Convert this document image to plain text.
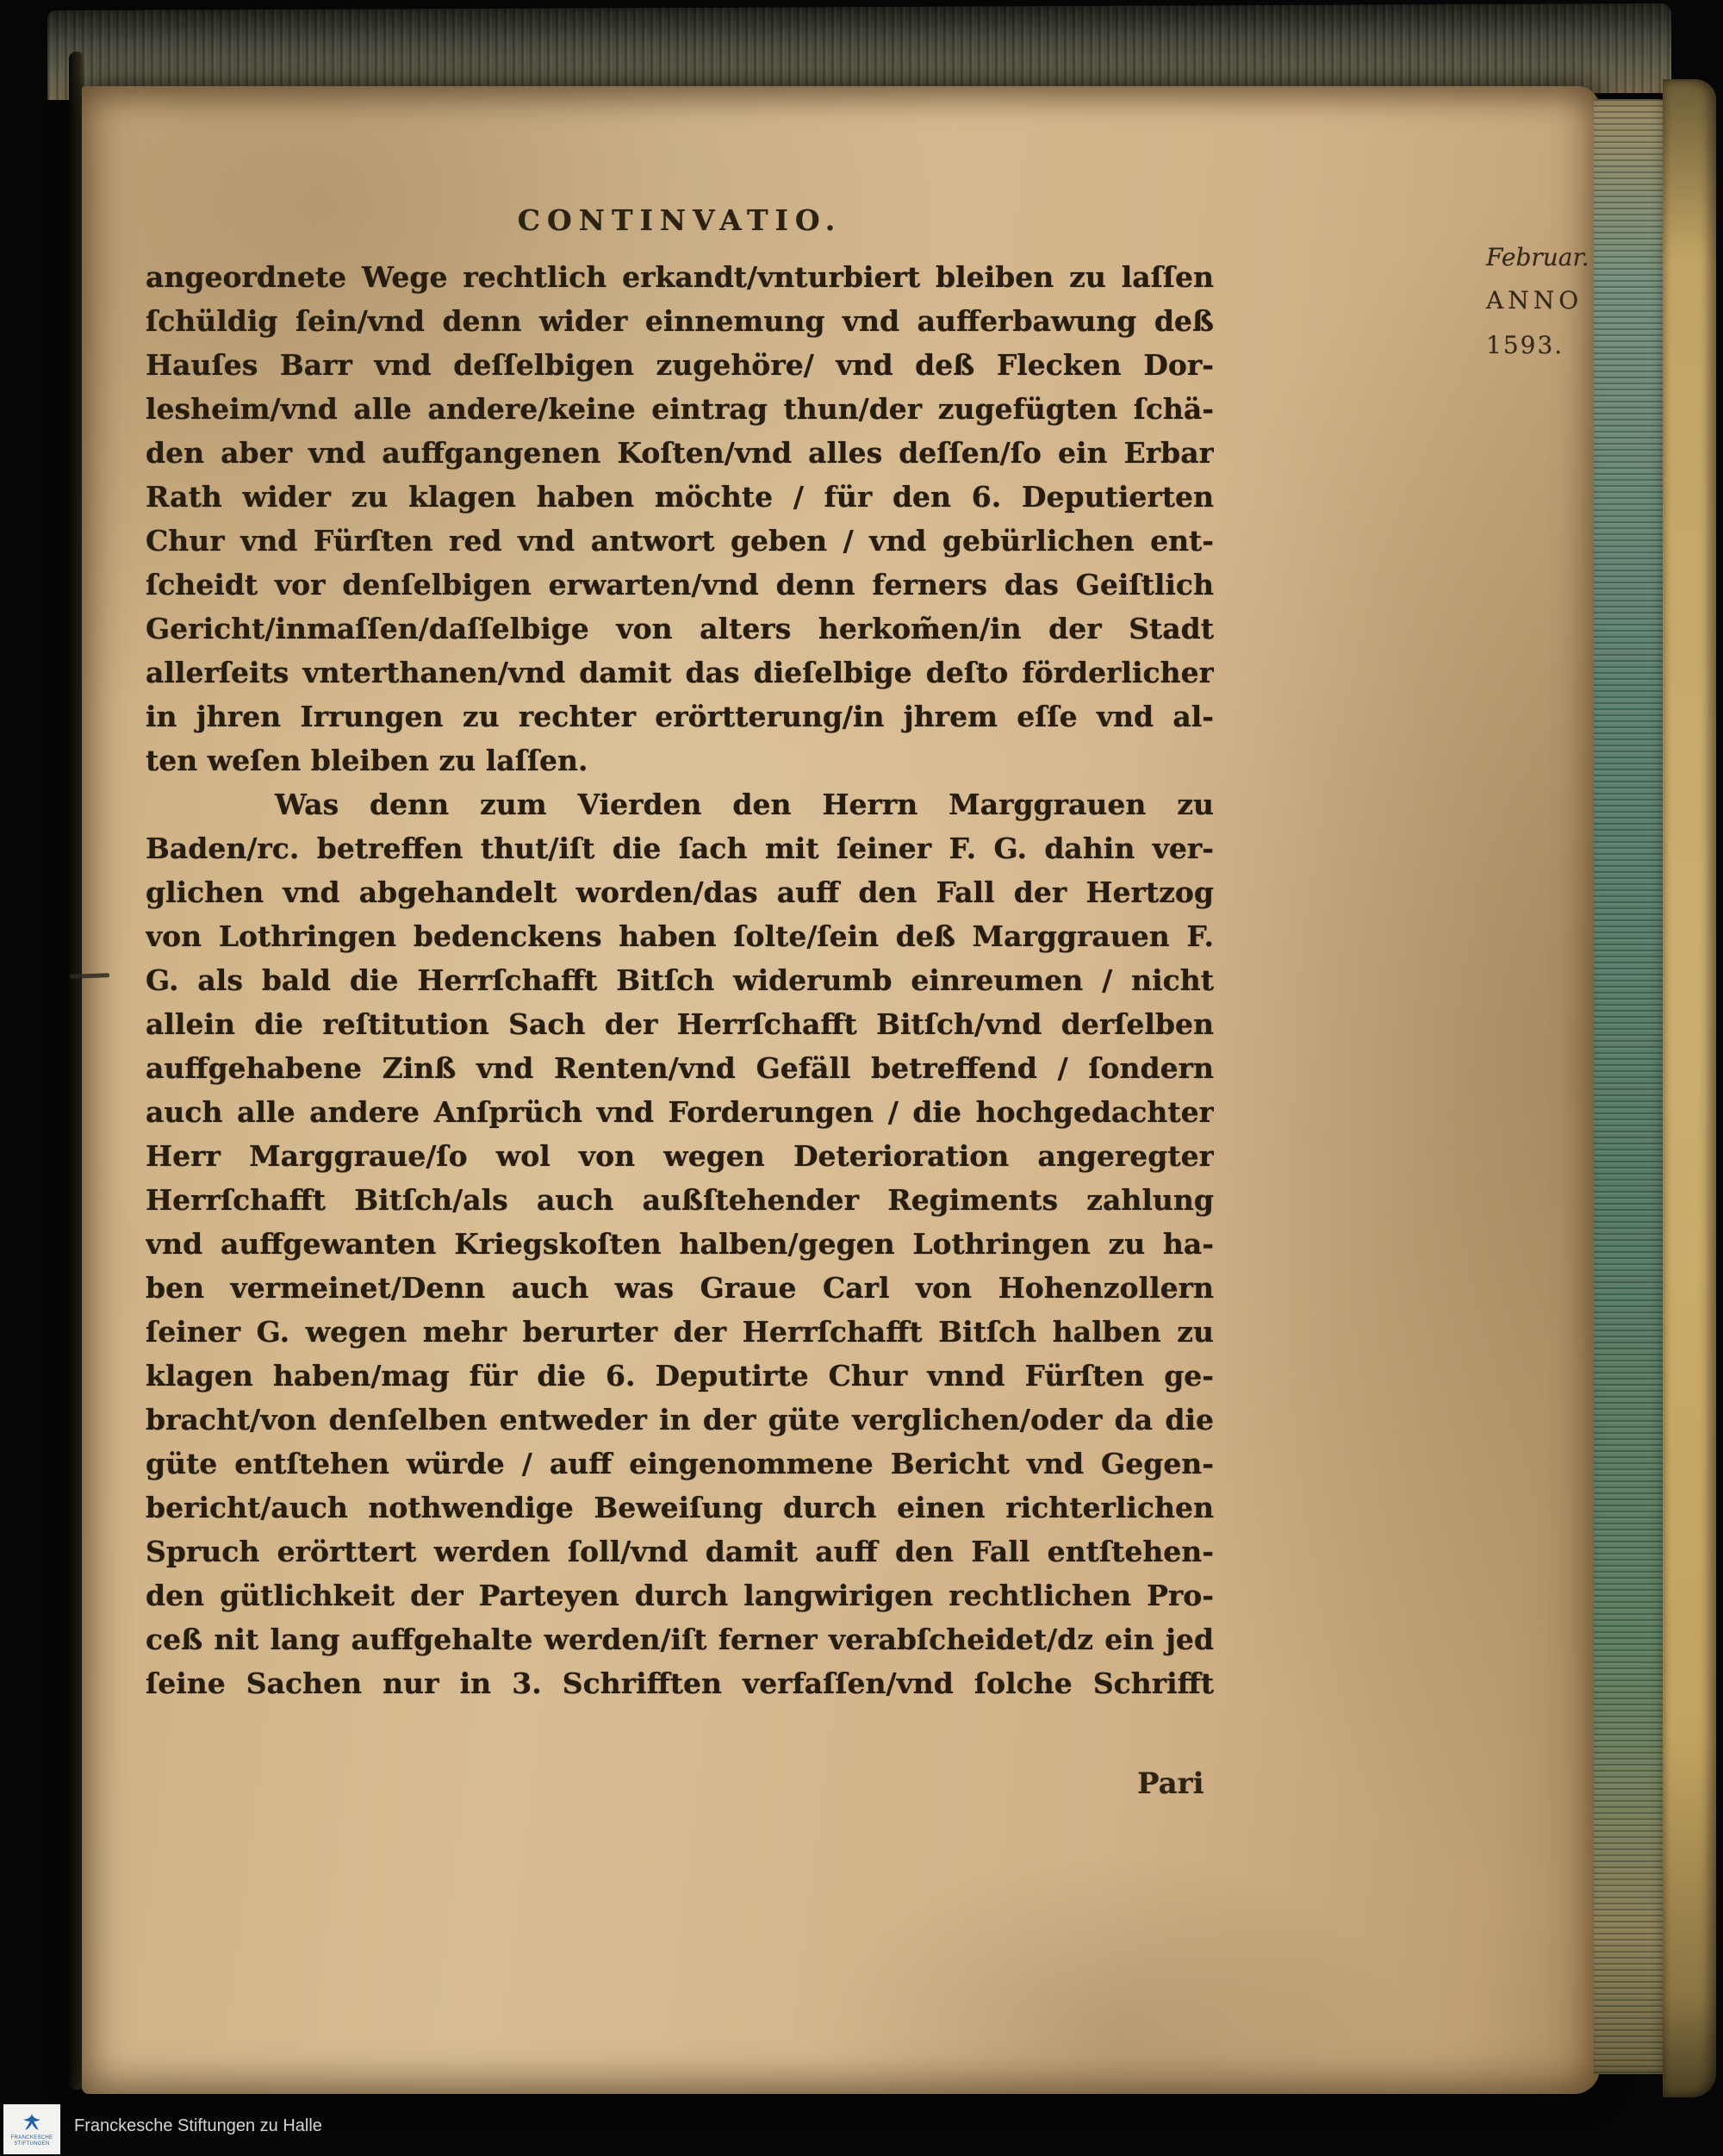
CONTINVATIO.
Februar.
ANNO
1593.
angeordnete Wege rechtlich erkandt/vnturbiert bleiben zu laſſen
ſchüldig ſein/vnd denn wider einnemung vnd aufferbawung deß
Hauſes Barr vnd deſſelbigen zugehöre/ vnd deß Flecken Dor-
lesheim/vnd alle andere/keine eintrag thun/der zugefügten ſchä-
den aber vnd auffgangenen Koſten/vnd alles deſſen/ſo ein Erbar
Rath wider zu klagen haben möchte / für den 6. Deputierten
Chur vnd Fürſten red vnd antwort geben / vnd gebürlichen ent-
ſcheidt vor denſelbigen erwarten/vnd denn ferners das Geiſtlich
Gericht/inmaſſen/daſſelbige von alters herkom̃en/in der Stadt
allerſeits vnterthanen/vnd damit das dieſelbige deſto förderlicher
in jhren Irrungen zu rechter erörtterung/in jhrem eſſe vnd al-
ten weſen bleiben zu laſſen.
Was denn zum Vierden den Herrn Marggrauen zu
Baden/rc. betreffen thut/iſt die ſach mit ſeiner F. G. dahin ver-
glichen vnd abgehandelt worden/das auff den Fall der Hertzog
von Lothringen bedenckens haben ſolte/ſein deß Marggrauen F.
G. als bald die Herrſchafft Bitſch widerumb einreumen / nicht
allein die reſtitution Sach der Herrſchafft Bitſch/vnd derſelben
auffgehabene Zinß vnd Renten/vnd Gefäll betreffend / ſondern
auch alle andere Anſprüch vnd Forderungen / die hochgedachter
Herr Marggraue/ſo wol von wegen Deterioration angeregter
Herrſchafft Bitſch/als auch außſtehender Regiments zahlung
vnd auffgewanten Kriegskoſten halben/gegen Lothringen zu ha-
ben vermeinet/Denn auch was Graue Carl von Hohenzollern
ſeiner G. wegen mehr berurter der Herrſchafft Bitſch halben zu
klagen haben/mag für die 6. Deputirte Chur vnnd Fürſten ge-
bracht/von denſelben entweder in der güte verglichen/oder da die
güte entſtehen würde / auff eingenommene Bericht vnd Gegen-
bericht/auch nothwendige Beweiſung durch einen richterlichen
Spruch erörttert werden ſoll/vnd damit auff den Fall entſtehen-
den gütlichkeit der Parteyen durch langwirigen rechtlichen Pro-
ceß nit lang auffgehalte werden/iſt ferner verabſcheidet/dz ein jed
ſeine Sachen nur in 3. Schrifften verfaſſen/vnd ſolche Schrifft
Pari
FRANCKESCHE STIFTUNGEN
Franckesche Stiftungen zu Halle
